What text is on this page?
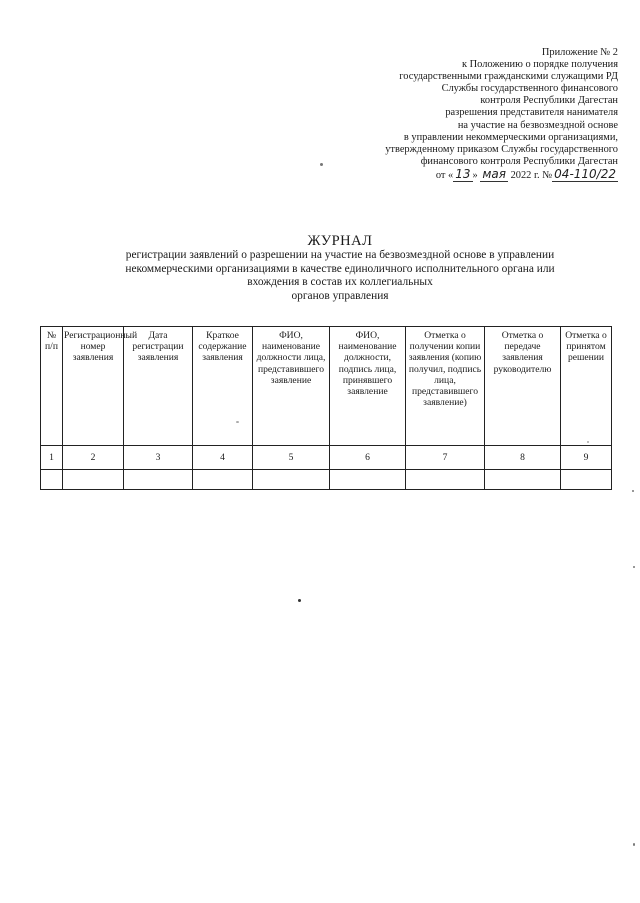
Приложение № 2
к Положению о порядке получения
государственными гражданскими служащими РД
Службы государственного финансового
контроля Республики Дагестан
разрешения представителя нанимателя
на участие на безвозмездной основе
в управлении некоммерческими организациями,
утвержденному приказом Службы государственного
финансового контроля Республики Дагестан
от « 13 » мая 2022 г. № 04-110/22
ЖУРНАЛ
регистрации заявлений о разрешении на участие на безвозмездной основе в управлении
некоммерческими организациями в качестве единоличного исполнительного органа или
вхождения в состав их коллегиальных
органов управления
№ п/п	Регистрационный номер заявления	Дата регистрации заявления	Краткое содержание заявления	ФИО, наименование должности лица, представившего заявление	ФИО, наименование должности, подпись лица, принявшего заявление	Отметка о получении копии заявления (копию получил, подпись лица, представившего заявление)	Отметка о передаче заявления руководителю	Отметка о принятом решении
1	2	3	4	5	6	7	8	9
